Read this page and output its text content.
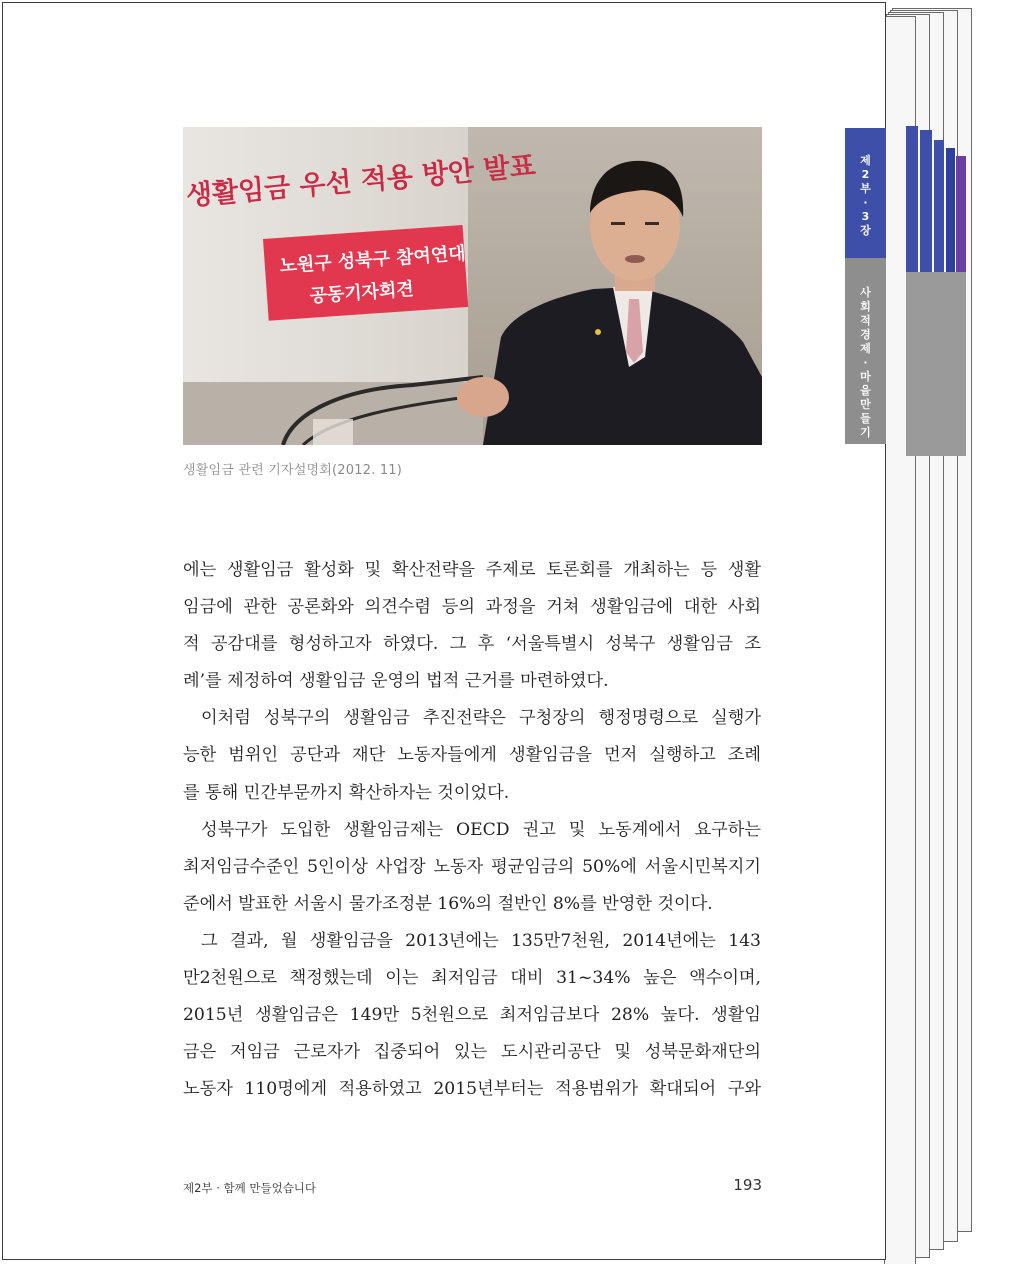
생활임금 우선 적용 방안 발표
노원구 성북구 참여연대
공동기자회견
생활임금 관련 기자설명회(2012. 11)
에는 생활임금 활성화 및 확산전략을 주제로 토론회를 개최하는 등 생활
임금에 관한 공론화와 의견수렴 등의 과정을 거쳐 생활임금에 대한 사회
적 공감대를 형성하고자 하였다. 그 후 ‘서울특별시 성북구 생활임금 조
례’를 제정하여 생활임금 운영의 법적 근거를 마련하였다.
이처럼 성북구의 생활임금 추진전략은 구청장의 행정명령으로 실행가
능한 범위인 공단과 재단 노동자들에게 생활임금을 먼저 실행하고 조례
를 통해 민간부문까지 확산하자는 것이었다.
성북구가 도입한 생활임금제는 OECD 권고 및 노동계에서 요구하는
최저임금수준인 5인이상 사업장 노동자 평균임금의 50%에 서울시민복지기
준에서 발표한 서울시 물가조정분 16%의 절반인 8%를 반영한 것이다.
그 결과, 월 생활임금을 2013년에는 135만7천원, 2014년에는 143
만2천원으로 책정했는데 이는 최저임금 대비 31~34% 높은 액수이며,
2015년 생활임금은 149만 5천원으로 최저임금보다 28% 높다. 생활임
금은 저임금 근로자가 집중되어 있는 도시관리공단 및 성북문화재단의
노동자 110명에게 적용하였고 2015년부터는 적용범위가 확대되어 구와
제
2
부
·
3
장
사
회
적
경
제
·
마
을
만
들
기
제2부 · 함께 만들었습니다	193
